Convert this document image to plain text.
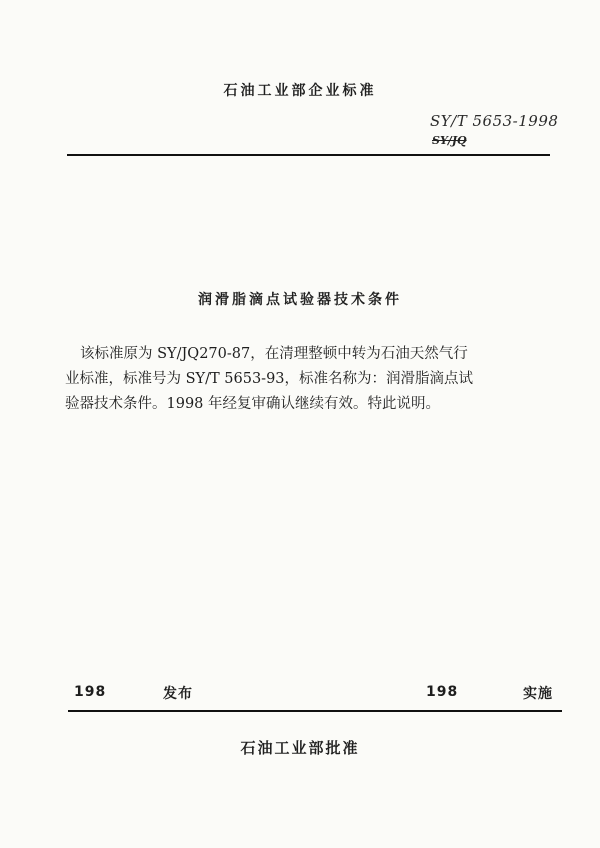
石油工业部企业标准
SY/T 5653-1998
SY/JQ
润滑脂滴点试验器技术条件

该标准原为 SY/JQ270-87，在清理整顿中转为石油天然气行

业标准，标准号为 SY/T 5653-93，标准名称为：润滑脂滴点试

验器技术条件。1998 年经复审确认继续有效。特此说明。

198	发布	198	实施
石油工业部批准
